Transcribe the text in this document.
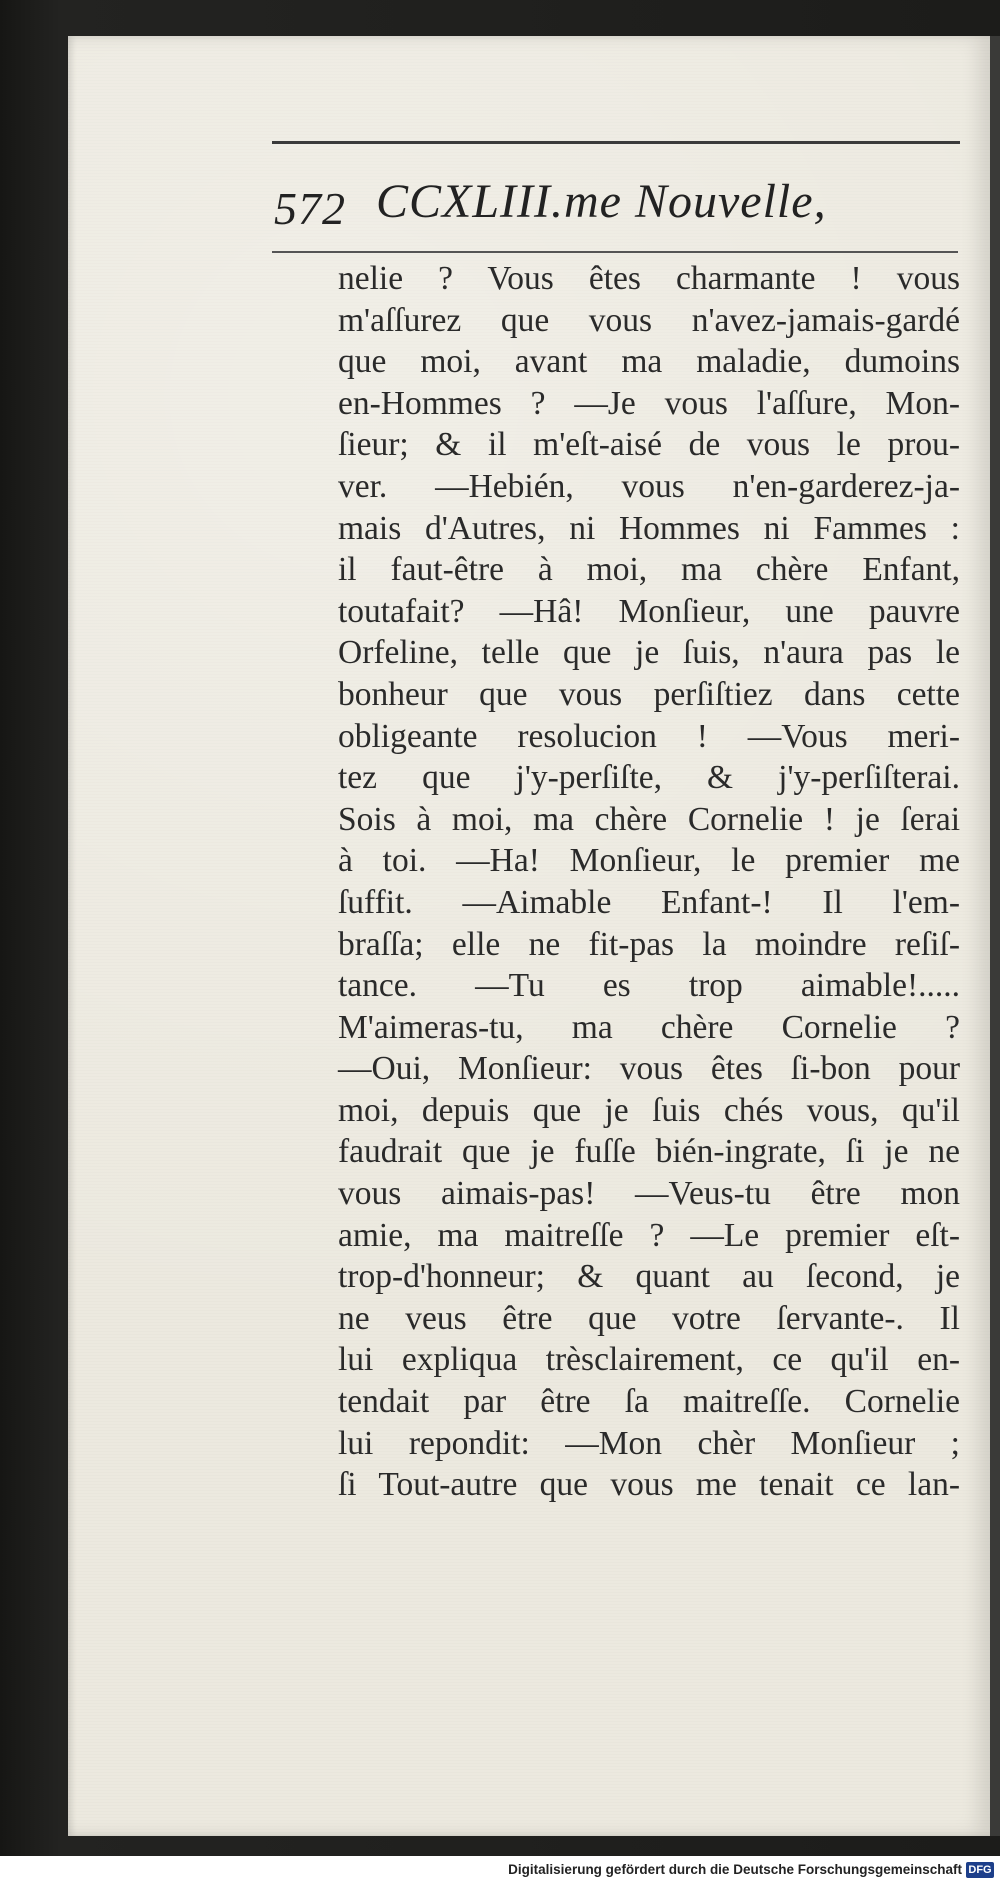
572 CCXLIII.me Nouvelle,
nelie ? Vous êtes charmante ! vous
m'aſſurez que vous n'avez-jamais-gardé
que moi, avant ma maladie, dumoins
en-Hommes ? —Je vous l'aſſure, Mon-
ſieur; & il m'eſt-aisé de vous le prou-
ver. —Hebién, vous n'en-garderez-ja-
mais d'Autres, ni Hommes ni Fammes :
il faut-être à moi, ma chère Enfant,
toutafait? —Hâ! Monſieur, une pauvre
Orfeline, telle que je ſuis, n'aura pas le
bonheur que vous perſiſtiez dans cette
obligeante resolucion ! —Vous meri-
tez que j'y-perſiſte, & j'y-perſiſterai.
Sois à moi, ma chère Cornelie ! je ſerai
à toi. —Ha! Monſieur, le premier me
ſuffit. —Aimable Enfant-! Il l'em-
braſſa; elle ne fit-pas la moindre reſiſ-
tance. —Tu es trop aimable!.....
M'aimeras-tu, ma chère Cornelie ?
—Oui, Monſieur: vous êtes ſi-bon pour
moi, depuis que je ſuis chés vous, qu'il
faudrait que je fuſſe bién-ingrate, ſi je ne
vous aimais-pas! —Veus-tu être mon
amie, ma maitreſſe ? —Le premier eſt-
trop-d'honneur; & quant au ſecond, je
ne veus être que votre ſervante-. Il
lui expliqua trèsclairement, ce qu'il en-
tendait par être ſa maitreſſe. Cornelie
lui repondit: —Mon chèr Monſieur ;
ſi Tout-autre que vous me tenait ce lan-
Digitalisierung gefördert durch die Deutsche Forschungsgemeinschaft DFG
